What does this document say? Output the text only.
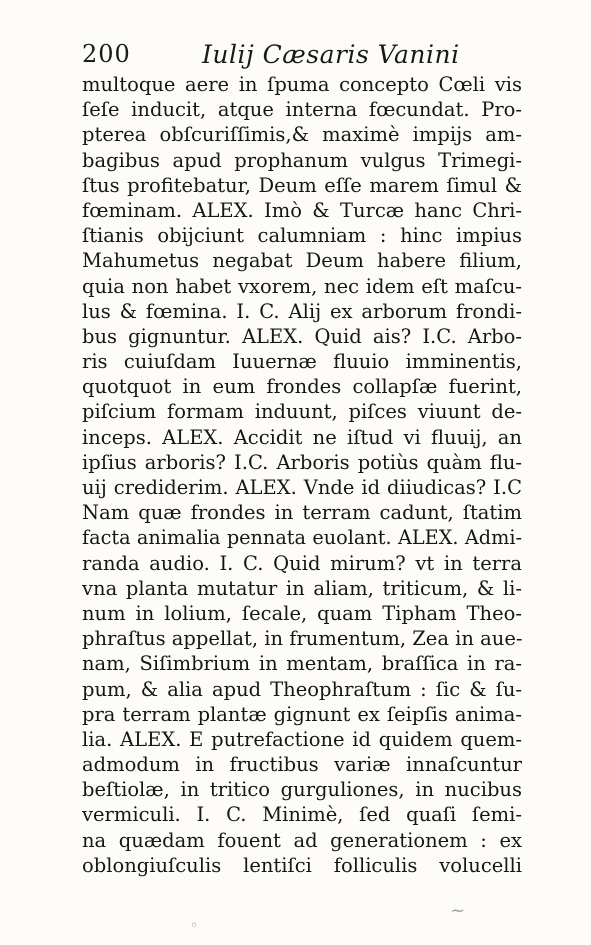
200	Iulij Cæsaris Vanini
multoque aere in ſpuma concepto Cœli vis
ſeſe inducit, atque interna fœcundat. Pro-
pterea obſcuriſſimis,& maximè impijs am-
bagibus apud prophanum vulgus Trimegi-
ſtus profitebatur, Deum eſſe marem ſimul &
fœminam. ALEX. Imò & Turcæ hanc Chri-
ſtianis obijciunt calumniam : hinc impius
Mahumetus negabat Deum habere filium,
quia non habet vxorem, nec idem eſt maſcu-
lus & fœmina. I. C. Alij ex arborum frondi-
bus gignuntur. ALEX. Quid ais? I.C. Arbo-
ris cuiuſdam Iuuernæ fluuio imminentis,
quotquot in eum frondes collapſæ fuerint,
piſcium formam induunt, piſces viuunt de-
inceps. ALEX. Accidit ne iſtud vi fluuij, an
ipſius arboris? I.C. Arboris potiùs quàm flu-
uij crediderim. ALEX. Vnde id diiudicas? I.C
Nam quæ frondes in terram cadunt, ſtatim
facta animalia pennata euolant. ALEX. Admi-
randa audio. I. C. Quid mirum? vt in terra
vna planta mutatur in aliam, triticum, & li-
num in lolium, ſecale, quam Tipham Theo-
phraſtus appellat, in frumentum, Zea in aue-
nam, Siſimbrium in mentam, braſſica in ra-
pum, & alia apud Theophraſtum : ſic & ſu-
pra terram plantæ gignunt ex ſeipſis anima-
lia. ALEX. E putrefactione id quidem quem-
admodum in fructibus variæ innaſcuntur
beſtiolæ, in tritico gurguliones, in nucibus
vermiculi. I. C. Minimè, ſed quaſi ſemi-
na quædam fouent ad generationem : ex
oblongiuſculis lentiſci folliculis volucelli
~
◦
